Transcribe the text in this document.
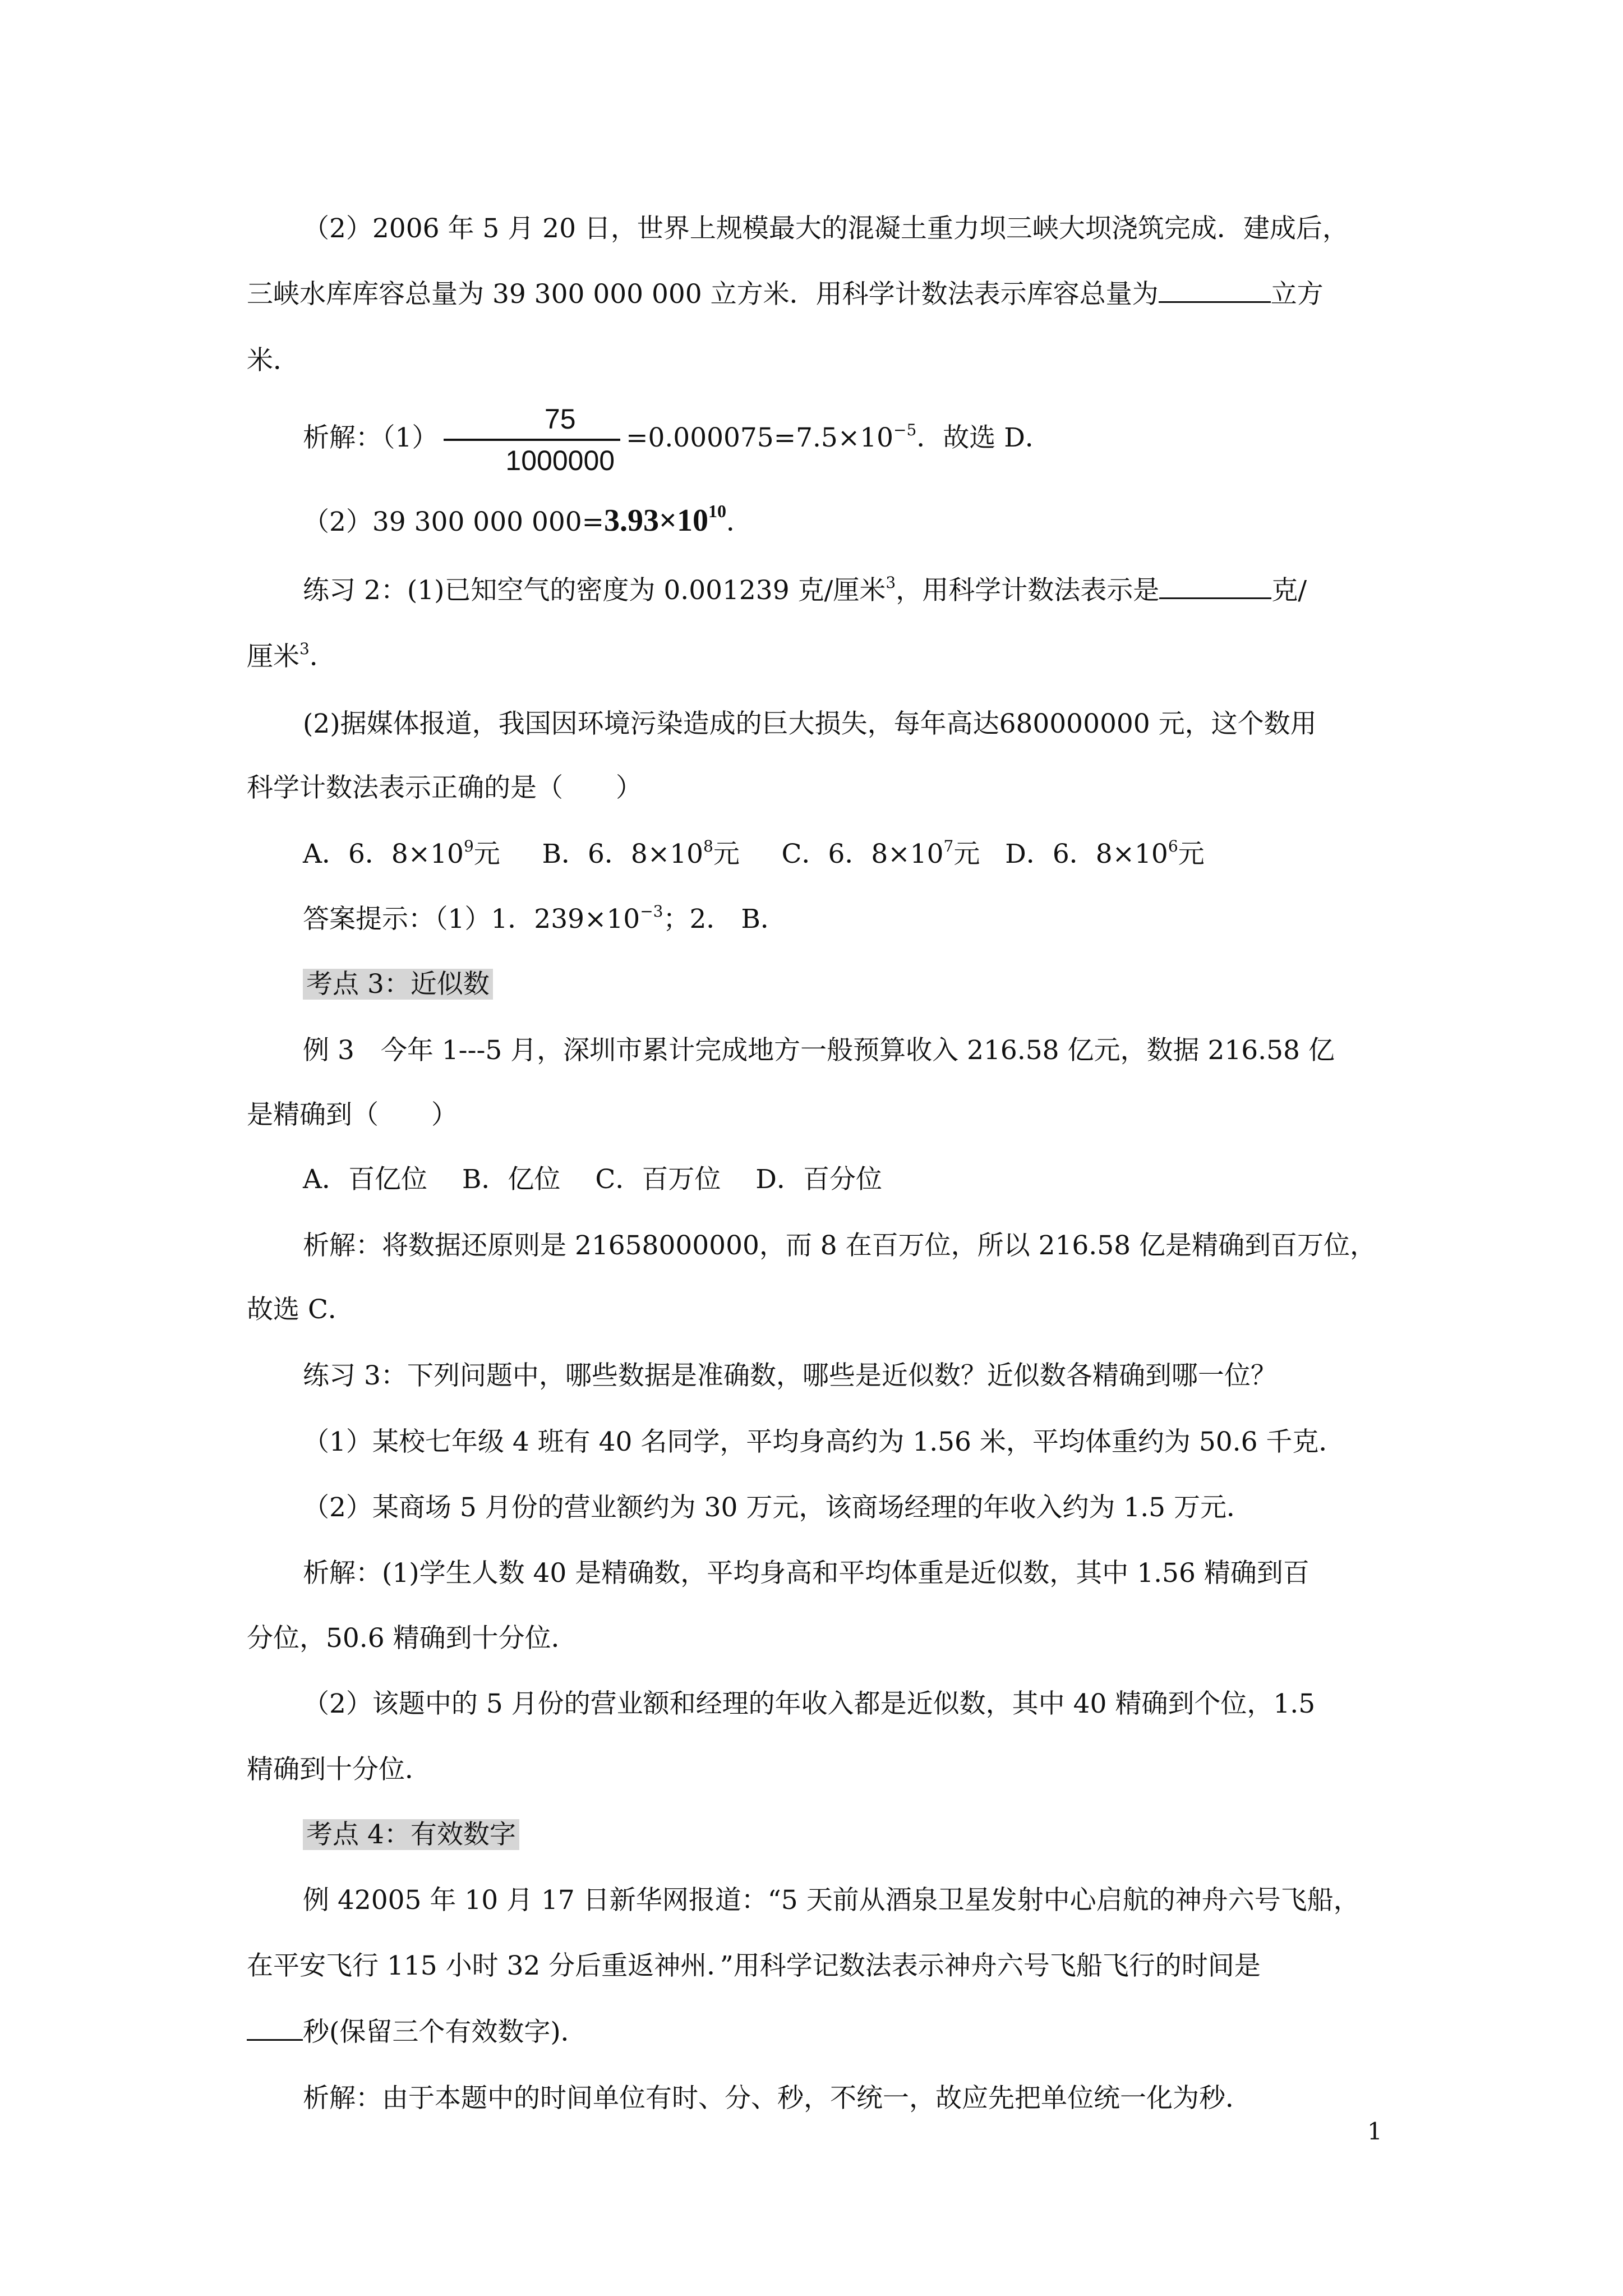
（2）2006 年 5 月 20 日，世界上规模最大的混凝土重力坝三峡大坝浇筑完成．建成后，
三峡水库库容总量为 39 300 000 000 立方米．用科学计数法表示库容总量为	立方
米．
析解：$(1) \frac{75}{1000000} =0.000075=7.5\times 10^{-5}$．故选 D．
（2）39 300 000 $000=3.93\times 10^{10}$．
练习 2：(1)已知空气的密度为 0.001239 克/厘米$^3$，用科学计数法表示是	克/
厘米$^3$．
(2)据媒体报道，我国因环境污染造成的巨大损失，每年高达680000000 元，这个数用
科学计数法表示正确的是（　　）
A．6．$8\times 10^9$元 B．6．$8\times 10^8$元 C．6．$8\times 10^7$元 D．6．$8\times 10^6$元
答案提示：（1）1．$239\times 10^{-3}$；2． B．
考点 3：近似数
例 3　今年 1---5 月，深圳市累计完成地方一般预算收入 216.58 亿元，数据 216.58 亿
是精确到（　　）
A．百亿位　 B．亿位　 C．百万位　 D．百分位
析解：将数据还原则是 21658000000，而 8 在百万位，所以 216.58 亿是精确到百万位，
故选 C．
练习 3：下列问题中，哪些数据是准确数，哪些是近似数？近似数各精确到哪一位？
（1）某校七年级 4 班有 40 名同学，平均身高约为 1.56 米，平均体重约为 50.6 千克．
（2）某商场 5 月份的营业额约为 30 万元，该商场经理的年收入约为 1.5 万元．
析解：(1)学生人数 40 是精确数，平均身高和平均体重是近似数，其中 1.56 精确到百
分位，50.6 精确到十分位．
（2）该题中的 5 月份的营业额和经理的年收入都是近似数，其中 40 精确到个位，1.5
精确到十分位．
考点 4：有效数字
例 42005 年 10 月 17 日新华网报道：“5 天前从酒泉卫星发射中心启航的神舟六号飞船，
在平安飞行 115 小时 32 分后重返神州．”用科学记数法表示神舟六号飞船飞行的时间是
秒(保留三个有效数字)．
析解：由于本题中的时间单位有时、分、秒，不统一，故应先把单位统一化为秒．
1
